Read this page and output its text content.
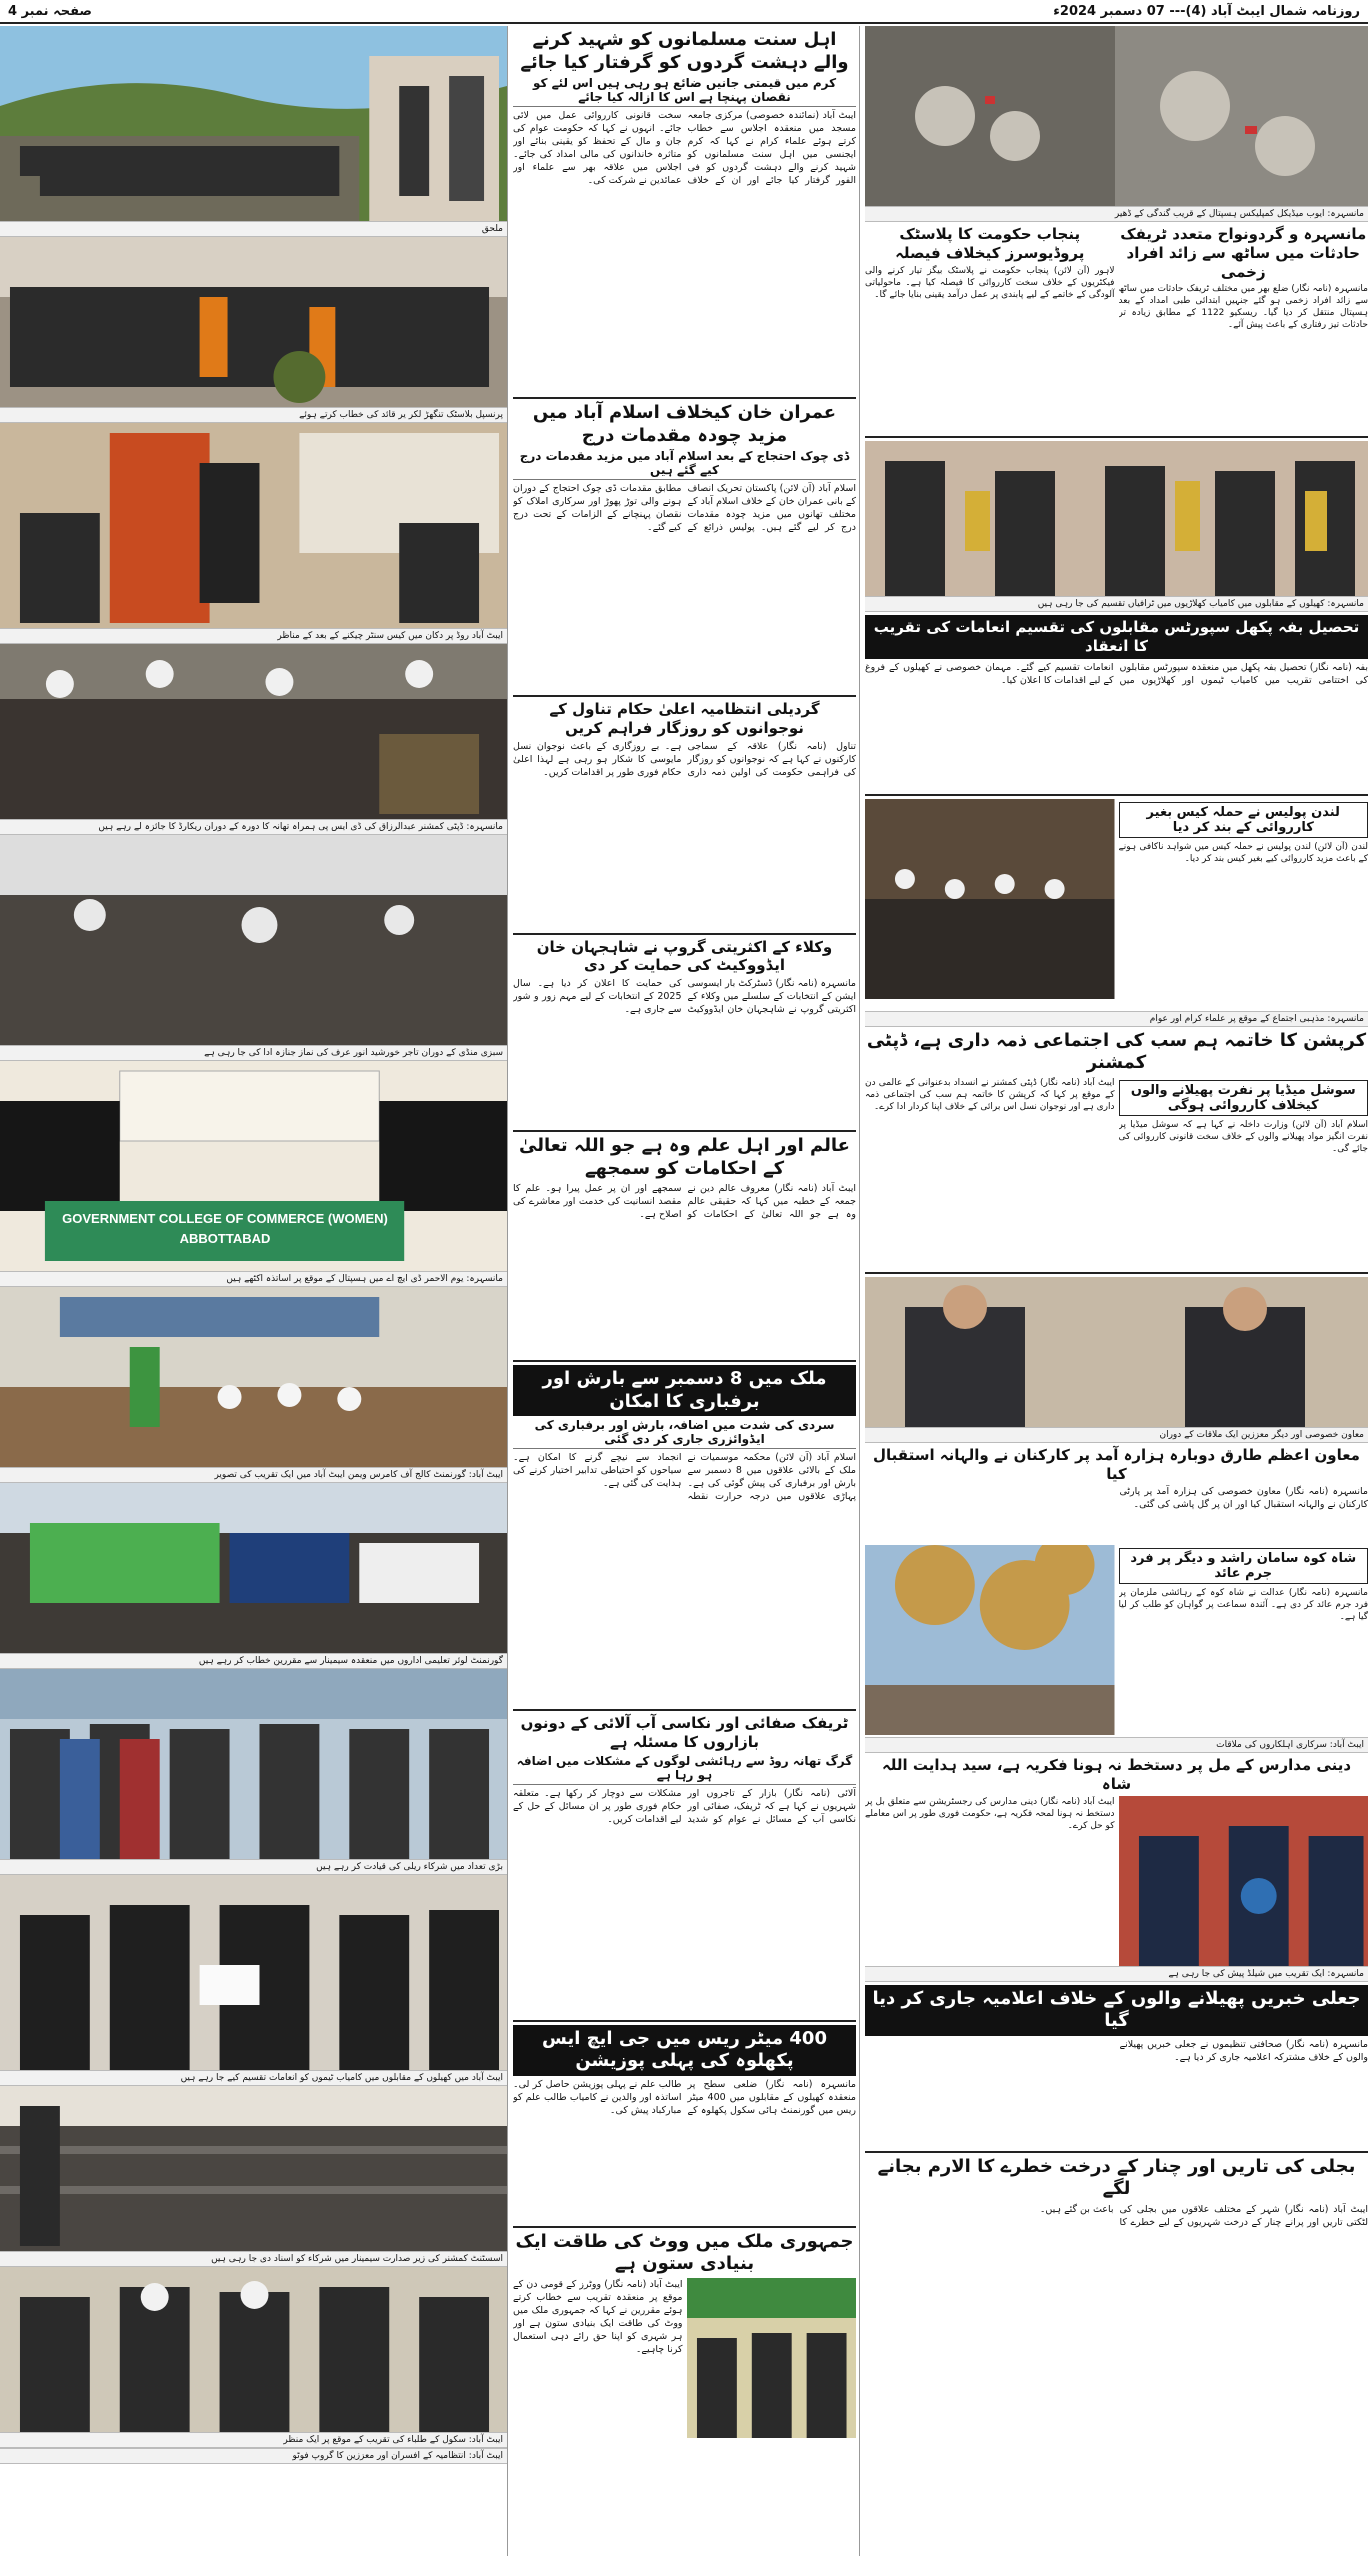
صفحہ نمبر 4	روزنامہ شمال ایبٹ آباد (4)--- 07 دسمبر 2024ء
ملحق
پرنسپل بلاسٹک تنگھڑ لکر یر قائد کی خطاب کرتے ہوئے
ایبٹ آباد روڈ پر دکان میں کیس سنٹر چیکنے کے بعد کے مناظر
مانسہرہ: ڈپٹی کمشنر عبدالرزاق کی ڈی ایس پی ہمراہ تھانہ کا دورہ کے دوران ریکارڈ کا جائزہ لے رہے ہیں
سبزی منڈی کے دوران تاجر خورشید انور عرف کی نماز جنازہ ادا کی جا رہی ہے
GOVERNMENT COLLEGE OF COMMERCE (WOMEN) ABBOTTABAD
مانسہرہ: یوم الاحمر ڈی ایچ اے میں ہسپتال کے موقع پر اساتذہ اکٹھے ہیں
ایبٹ آباد: گورنمنٹ کالج آف کامرس ویمن ایبٹ آباد میں ایک تقریب کی تصویر
گورنمنٹ لوئر تعلیمی اداروں میں منعقدہ سیمینار سے مقررین خطاب کر رہے ہیں
بڑی تعداد میں شرکاء ریلی کی قیادت کر رہے ہیں
ایبٹ آباد میں کھیلوں کے مقابلوں میں کامیاب ٹیموں کو انعامات تقسیم کیے جا رہے ہیں
اسسٹنٹ کمشنر کی زیر صدارت سیمینار میں شرکاء کو اسناد دی جا رہی ہیں
ایبٹ آباد: سکول کے طلباء کی تقریب کے موقع پر ایک منظر
ایبٹ آباد: انتظامیہ کے افسران اور معززین کا گروپ فوٹو
اہل سنت مسلمانوں کو شہید کرنے والے دہشت گردوں کو گرفتار کیا جائے
کرم میں قیمتی جانیں ضائع ہو رہی ہیں اس لئے کو نقصان پہنچا ہے اس کا ازالہ کیا جائے
ایبٹ آباد (نمائندہ خصوصی) مرکزی جامعہ مسجد میں منعقدہ اجلاس سے خطاب کرتے ہوئے علماء کرام نے کہا کہ کرم ایجنسی میں اہل سنت مسلمانوں کو شہید کرنے والے دہشت گردوں کو فی الفور گرفتار کیا جائے اور ان کے خلاف سخت قانونی کارروائی عمل میں لائی جائے۔ انہوں نے کہا کہ حکومت عوام کی جان و مال کے تحفظ کو یقینی بنائے اور متاثرہ خاندانوں کی مالی امداد کی جائے۔ اجلاس میں علاقہ بھر سے علماء اور عمائدین نے شرکت کی۔
عمران خان کیخلاف اسلام آباد میں مزید چودہ مقدمات درج
ڈی چوک احتجاج کے بعد اسلام آباد میں مزید مقدمات درج کیے گئے ہیں
اسلام آباد (آن لائن) پاکستان تحریک انصاف کے بانی عمران خان کے خلاف اسلام آباد کے مختلف تھانوں میں مزید چودہ مقدمات درج کر لیے گئے ہیں۔ پولیس ذرائع کے مطابق مقدمات ڈی چوک احتجاج کے دوران ہونے والی توڑ پھوڑ اور سرکاری املاک کو نقصان پہنچانے کے الزامات کے تحت درج کیے گئے۔
گردیلی انتظامیہ اعلیٰ حکام تناول کے نوجوانوں کو روزگار فراہم کریں
تناول (نامہ نگار) علاقہ کے سماجی کارکنوں نے کہا ہے کہ نوجوانوں کو روزگار کی فراہمی حکومت کی اولین ذمہ داری ہے۔ بے روزگاری کے باعث نوجوان نسل مایوسی کا شکار ہو رہی ہے لہذا اعلیٰ حکام فوری طور پر اقدامات کریں۔
وکلاء کے اکثریتی گروپ نے شاہجہان خان ایڈووکیٹ کی حمایت کر دی
مانسہرہ (نامہ نگار) ڈسٹرکٹ بار ایسوسی ایشن کے انتخابات کے سلسلے میں وکلاء کے اکثریتی گروپ نے شاہجہان خان ایڈووکیٹ کی حمایت کا اعلان کر دیا ہے۔ سال 2025 کے انتخابات کے لیے مہم زور و شور سے جاری ہے۔
عالم اور اہل علم وہ ہے جو اللہ تعالیٰ کے احکامات کو سمجھے
ایبٹ آباد (نامہ نگار) معروف عالم دین نے جمعہ کے خطبہ میں کہا کہ حقیقی عالم وہ ہے جو اللہ تعالیٰ کے احکامات کو سمجھے اور ان پر عمل پیرا ہو۔ علم کا مقصد انسانیت کی خدمت اور معاشرے کی اصلاح ہے۔
ملک میں 8 دسمبر سے بارش اور برفباری کا امکان
سردی کی شدت میں اضافہ، بارش اور برفباری کی ایڈوائزری جاری کر دی گئی
اسلام آباد (آن لائن) محکمہ موسمیات نے ملک کے بالائی علاقوں میں 8 دسمبر سے بارش اور برفباری کی پیش گوئی کی ہے۔ پہاڑی علاقوں میں درجہ حرارت نقطہ انجماد سے نیچے گرنے کا امکان ہے۔ سیاحوں کو احتیاطی تدابیر اختیار کرنے کی ہدایت کی گئی ہے۔
ٹریفک صفائی اور نکاسی آب آلائی کے دونوں بازاروں کا مسئلہ ہے
گرگ تھانہ روڈ سے رہائشی لوگوں کے مشکلات میں اضافہ ہو رہا ہے
آلائی (نامہ نگار) بازار کے تاجروں اور شہریوں نے کہا ہے کہ ٹریفک، صفائی اور نکاسی آب کے مسائل نے عوام کو شدید مشکلات سے دوچار کر رکھا ہے۔ متعلقہ حکام فوری طور پر ان مسائل کے حل کے لیے اقدامات کریں۔
400 میٹر ریس میں جی ایچ ایس پکھلوہ کی پہلی پوزیشن
مانسہرہ (نامہ نگار) ضلعی سطح پر منعقدہ کھیلوں کے مقابلوں میں 400 میٹر ریس میں گورنمنٹ ہائی سکول پکھلوہ کے طالب علم نے پہلی پوزیشن حاصل کر لی۔ اساتذہ اور والدین نے کامیاب طالب علم کو مبارکباد پیش کی۔
جمہوری ملک میں ووٹ کی طاقت ایک بنیادی ستون ہے
ایبٹ آباد (نامہ نگار) ووٹرز کے قومی دن کے موقع پر منعقدہ تقریب سے خطاب کرتے ہوئے مقررین نے کہا کہ جمہوری ملک میں ووٹ کی طاقت ایک بنیادی ستون ہے اور ہر شہری کو اپنا حق رائے دہی استعمال کرنا چاہیے۔
مانسہرہ: ایوب میڈیکل کمپلیکس ہسپتال کے قریب گندگی کے ڈھیر
پنجاب حکومت کا پلاسٹک پروڈیوسرز کیخلاف فیصلہ
لاہور (آن لائن) پنجاب حکومت نے پلاسٹک بیگز تیار کرنے والی فیکٹریوں کے خلاف سخت کارروائی کا فیصلہ کیا ہے۔ ماحولیاتی آلودگی کے خاتمے کے لیے پابندی پر عمل درآمد یقینی بنایا جائے گا۔
مانسہرہ و گردونواح متعدد ٹریفک حادثات میں ساٹھ سے زائد افراد زخمی
مانسہرہ (نامہ نگار) ضلع بھر میں مختلف ٹریفک حادثات میں ساٹھ سے زائد افراد زخمی ہو گئے جنہیں ابتدائی طبی امداد کے بعد ہسپتال منتقل کر دیا گیا۔ ریسکیو 1122 کے مطابق زیادہ تر حادثات تیز رفتاری کے باعث پیش آئے۔
مانسہرہ: کھیلوں کے مقابلوں میں کامیاب کھلاڑیوں میں ٹرافیاں تقسیم کی جا رہی ہیں
تحصیل بفہ پکھل سپورٹس مقابلوں کی تقسیم انعامات کی تقریب کا انعقاد
بفہ (نامہ نگار) تحصیل بفہ پکھل میں منعقدہ سپورٹس مقابلوں کی اختتامی تقریب میں کامیاب ٹیموں اور کھلاڑیوں میں انعامات تقسیم کیے گئے۔ مہمان خصوصی نے کھیلوں کے فروغ کے لیے اقدامات کا اعلان کیا۔
لندن پولیس نے حملہ کیس بغیر کارروائی کے بند کر دیا
لندن (آن لائن) لندن پولیس نے حملہ کیس میں شواہد ناکافی ہونے کے باعث مزید کارروائی کیے بغیر کیس بند کر دیا۔
مانسہرہ: مذہبی اجتماع کے موقع پر علماء کرام اور عوام
کرپشن کا خاتمہ ہم سب کی اجتماعی ذمہ داری ہے، ڈپٹی کمشنر
ایبٹ آباد (نامہ نگار) ڈپٹی کمشنر نے انسداد بدعنوانی کے عالمی دن کے موقع پر کہا کہ کرپشن کا خاتمہ ہم سب کی اجتماعی ذمہ داری ہے اور نوجوان نسل اس برائی کے خلاف اپنا کردار ادا کرے۔
سوشل میڈیا پر نفرت پھیلانے والوں کیخلاف کارروائی ہوگی
اسلام آباد (آن لائن) وزارت داخلہ نے کہا ہے کہ سوشل میڈیا پر نفرت انگیز مواد پھیلانے والوں کے خلاف سخت قانونی کارروائی کی جائے گی۔
معاون خصوصی اور دیگر معززین ایک ملاقات کے دوران
معاون اعظم طارق دوبارہ ہزارہ آمد پر کارکنان نے والہانہ استقبال کیا
مانسہرہ (نامہ نگار) معاون خصوصی کی ہزارہ آمد پر پارٹی کارکنان نے والہانہ استقبال کیا اور ان پر گل پاشی کی گئی۔
شاہ کوہ سامان راشد و دیگر پر فرد جرم عائد
مانسہرہ (نامہ نگار) عدالت نے شاہ کوہ کے رہائشی ملزمان پر فرد جرم عائد کر دی ہے۔ آئندہ سماعت پر گواہان کو طلب کر لیا گیا ہے۔
ایبٹ آباد: سرکاری اہلکاروں کی ملاقات
دینی مدارس کے مل پر دستخط نہ ہونا فکریہ ہے، سید ہدایت اللہ شاہ
ایبٹ آباد (نامہ نگار) دینی مدارس کی رجسٹریشن سے متعلق بل پر دستخط نہ ہونا لمحہ فکریہ ہے، حکومت فوری طور پر اس معاملے کو حل کرے۔
مانسہرہ: ایک تقریب میں شیلڈ پیش کی جا رہی ہے
جعلی خبریں پھیلانے والوں کے خلاف اعلامیہ جاری کر دیا گیا
مانسہرہ (نامہ نگار) صحافتی تنظیموں نے جعلی خبریں پھیلانے والوں کے خلاف مشترکہ اعلامیہ جاری کر دیا ہے۔
بجلی کی تاریں اور چنار کے درخت خطرے کا الارم بجانے لگے
ایبٹ آباد (نامہ نگار) شہر کے مختلف علاقوں میں بجلی کی لٹکتی تاریں اور پرانے چنار کے درخت شہریوں کے لیے خطرے کا باعث بن گئے ہیں۔
